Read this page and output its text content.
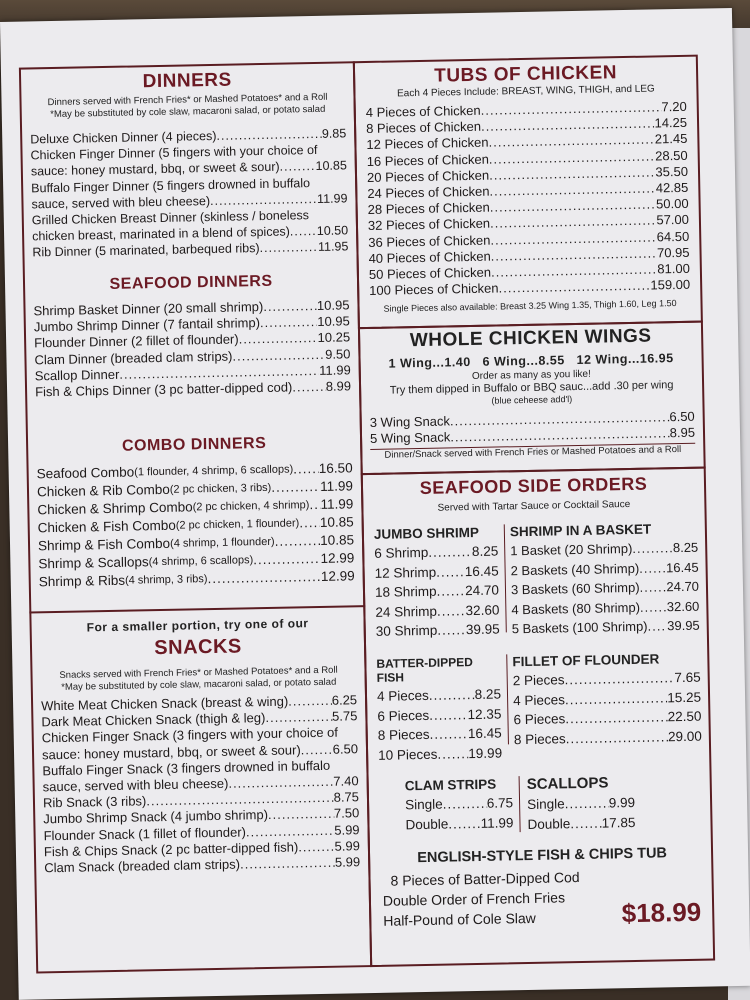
DINNERS
Dinners served with French Fries* or Mashed Potatoes* and a Roll
*May be substituted by cole slaw, macaroni salad, or potato salad
Deluxe Chicken Dinner (4 pieces) .....	9.85
Chicken Finger Dinner (5 fingers with your choice of
sauce: honey mustard, bbq, or sweet & sour) .....	10.85
Buffalo Finger Dinner (5 fingers drowned in buffalo
sauce, served with bleu cheese) .....	11.99
Grilled Chicken Breast Dinner (skinless / boneless
chicken breast, marinated in a blend of spices) ..... 10.50
Rib Dinner (5 marinated, barbequed ribs) .....	11.95
SEAFOOD DINNERS
Shrimp Basket Dinner (20 small shrimp) .....	10.95
Jumbo Shrimp Dinner (7 fantail shrimp) .....	10.95
Flounder Dinner (2 fillet of flounder) .....	10.25
Clam Dinner (breaded clam strips) .....	9.50
Scallop Dinner .....	11.99
Fish & Chips Dinner (3 pc batter-dipped cod) .....	8.99
COMBO DINNERS
Seafood Combo (1 flounder, 4 shrimp, 6 scallops) ..... 16.50
Chicken & Rib Combo (2 pc chicken, 3 ribs) .....	11.99
Chicken & Shrimp Combo (2 pc chicken, 4 shrimp) ..... 11.99
Chicken & Fish Combo (2 pc chicken, 1 flounder) ..... 10.85
Shrimp & Fish Combo (4 shrimp, 1 flounder) .....	10.85
Shrimp & Scallops (4 shrimp, 6 scallops) .....	12.99
Shrimp & Ribs (4 shrimp, 3 ribs) .....	12.99
For a smaller portion, try one of our
SNACKS
Snacks served with French Fries* or Mashed Potatoes* and a Roll
*May be substituted by cole slaw, macaroni salad, or potato salad
White Meat Chicken Snack (breast & wing) .....	6.25
Dark Meat Chicken Snack (thigh & leg) .....	5.75
Chicken Finger Snack (3 fingers with your choice of
sauce: honey mustard, bbq, or sweet & sour) ..... 6.50
Buffalo Finger Snack (3 fingers drowned in buffalo
sauce, served with bleu cheese) .....	7.40
Rib Snack (3 ribs) .....	8.75
Jumbo Shrimp Snack (4 jumbo shrimp) .....	7.50
Flounder Snack (1 fillet of flounder) .....	5.99
Fish & Chips Snack (2 pc batter-dipped fish) .....	5.99
Clam Snack (breaded clam strips) .....	5.99
TUBS OF CHICKEN
Each 4 Pieces Include: BREAST, WING, THIGH, and LEG
4 Pieces of Chicken .....	7.20
8 Pieces of Chicken .....	14.25
12 Pieces of Chicken .....	21.45
16 Pieces of Chicken .....	28.50
20 Pieces of Chicken .....	35.50
24 Pieces of Chicken .....	42.85
28 Pieces of Chicken .....	50.00
32 Pieces of Chicken .....	57.00
36 Pieces of Chicken .....	64.50
40 Pieces of Chicken .....	70.95
50 Pieces of Chicken .....	81.00
100 Pieces of Chicken .....	159.00
Single Pieces also available: Breast 3.25 Wing 1.35, Thigh 1.60, Leg 1.50
WHOLE CHICKEN WINGS
1 Wing...1.40   6 Wing...8.55   12 Wing...16.95
Order as many as you like!
Try them dipped in Buffalo or BBQ sauc...add .30 per wing
(blue ceheese add'l)
3 Wing Snack .....	6.50
5 Wing Snack .....	8.95
Dinner/Snack served with French Fries or Mashed Potatoes and a Roll
SEAFOOD SIDE ORDERS
Served with Tartar Sauce or Cocktail Sauce
JUMBO SHRIMP
6 Shrimp .....	8.25
12 Shrimp ..... 16.45
18 Shrimp ..... 24.70
24 Shrimp ..... 32.60
30 Shrimp ..... 39.95
SHRIMP IN A BASKET
1 Basket (20 Shrimp) .....	8.25
2 Baskets (40 Shrimp) ..... 16.45
3 Baskets (60 Shrimp) ..... 24.70
4 Baskets (80 Shrimp) ..... 32.60
5 Baskets (100 Shrimp) ..... 39.95
BATTER-DIPPED FISH
4 Pieces .....	8.25
6 Pieces .....	12.35
8 Pieces .....	16.45
10 Pieces ..... 19.99
FILLET OF FLOUNDER
2 Pieces .....	7.65
4 Pieces .....	15.25
6 Pieces .....	22.50
8 Pieces .....	29.00
CLAM STRIPS
Single .....	6.75
Double ..... 11.99
SCALLOPS
Single .....	9.99
Double ..... 17.85
ENGLISH-STYLE FISH & CHIPS TUB
8 Pieces of Batter-Dipped Cod
Double Order of French Fries
Half-Pound of Cole Slaw	$18.99
